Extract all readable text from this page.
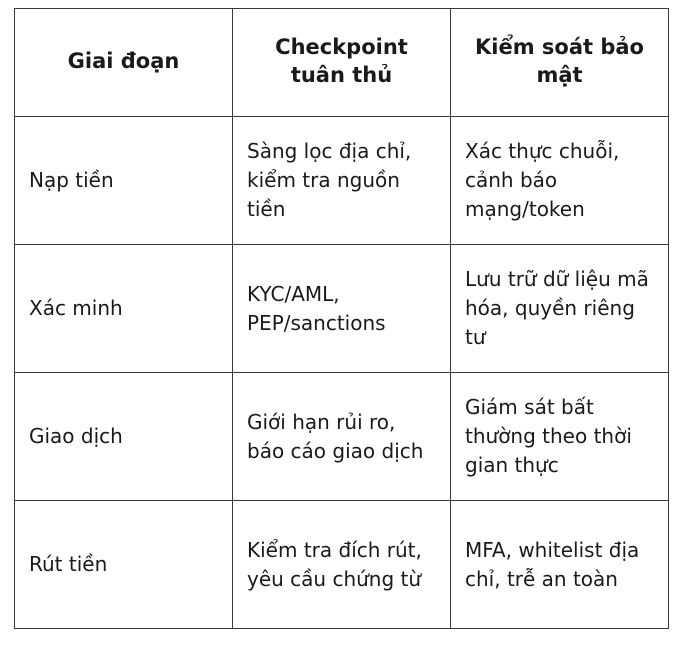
Giai đoạn	Checkpoint tuân thủ	Kiểm soát bảo mật
Nạp tiền	Sàng lọc địa chỉ, kiểm tra nguồn tiền	Xác thực chuỗi, cảnh báo mạng/token
Xác minh	KYC/AML, PEP/sanctions	Lưu trữ dữ liệu mã hóa, quyền riêng tư
Giao dịch	Giới hạn rủi ro, báo cáo giao dịch	Giám sát bất thường theo thời gian thực
Rút tiền	Kiểm tra đích rút, yêu cầu chứng từ	MFA, whitelist địa chỉ, trễ an toàn
